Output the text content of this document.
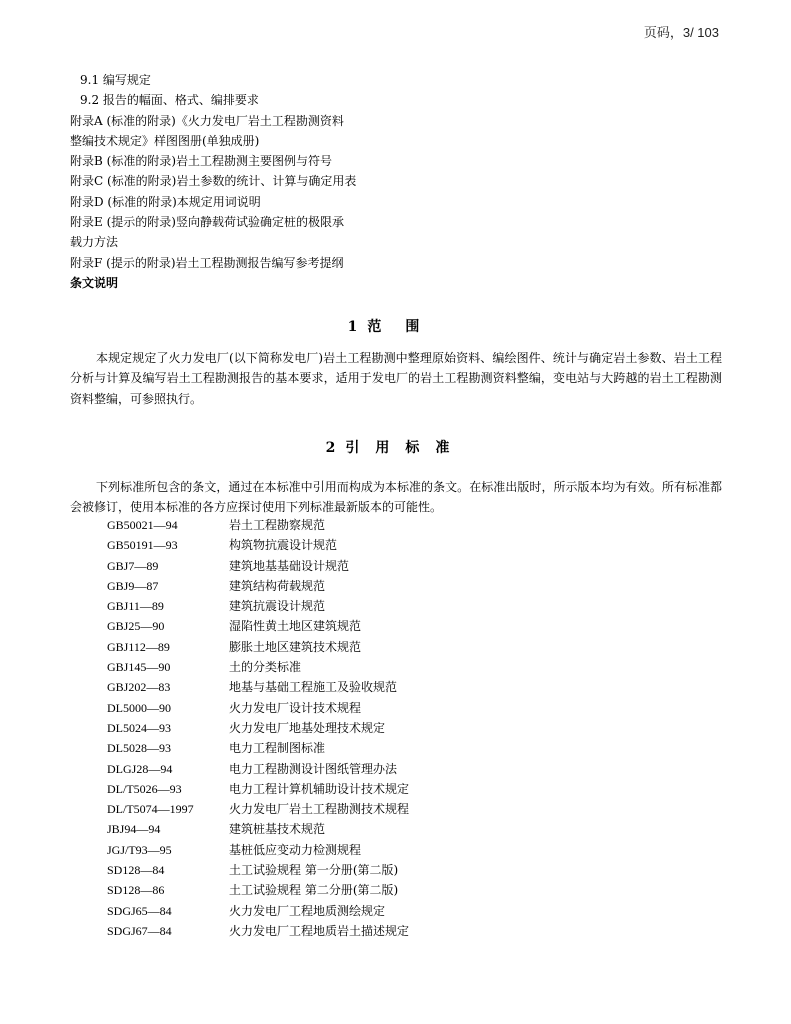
页码，3/ 103
9.1 编写规定
9.2 报告的幅面、格式、编排要求
附录A (标准的附录)《火力发电厂岩土工程勘测资料
整编技术规定》样图图册(单独成册)
附录B (标准的附录)岩土工程勘测主要图例与符号
附录C (标准的附录)岩土参数的统计、计算与确定用表
附录D (标准的附录)本规定用词说明
附录E (提示的附录)竖向静载荷试验确定桩的极限承
载力方法
附录F (提示的附录)岩土工程勘测报告编写参考提纲
条文说明
1 范围

本规定规定了火力发电厂(以下简称发电厂)岩土工程勘测中整理原始资料、编绘图件、统计与确定岩土参数、岩土工程分析与计算及编写岩土工程勘测报告的基本要求，适用于发电厂的岩土工程勘测资料整编，变电站与大跨越的岩土工程勘测资料整编，可参照执行。

2 引用标准

下列标准所包含的条文，通过在本标准中引用而构成为本标准的条文。在标准出版时，所示版本均为有效。所有标准都会被修订，使用本标准的各方应探讨使用下列标准最新版本的可能性。

GB50021—94	岩土工程勘察规范
GB50191—93	构筑物抗震设计规范
GBJ7—89	建筑地基基础设计规范
GBJ9—87	建筑结构荷载规范
GBJ11—89	建筑抗震设计规范
GBJ25—90	湿陷性黄土地区建筑规范
GBJ112—89	膨胀土地区建筑技术规范
GBJ145—90	土的分类标准
GBJ202—83	地基与基础工程施工及验收规范
DL5000—90	火力发电厂设计技术规程
DL5024—93	火力发电厂地基处理技术规定
DL5028—93	电力工程制图标准
DLGJ28—94	电力工程勘测设计图纸管理办法
DL/T5026—93	电力工程计算机辅助设计技术规定
DL/T5074—1997	火力发电厂岩土工程勘测技术规程
JBJ94—94	建筑桩基技术规范
JGJ/T93—95	基桩低应变动力检测规程
SD128—84	土工试验规程 第一分册(第二版)
SD128—86	土工试验规程 第二分册(第二版)
SDGJ65—84	火力发电厂工程地质测绘规定
SDGJ67—84	火力发电厂工程地质岩土描述规定
